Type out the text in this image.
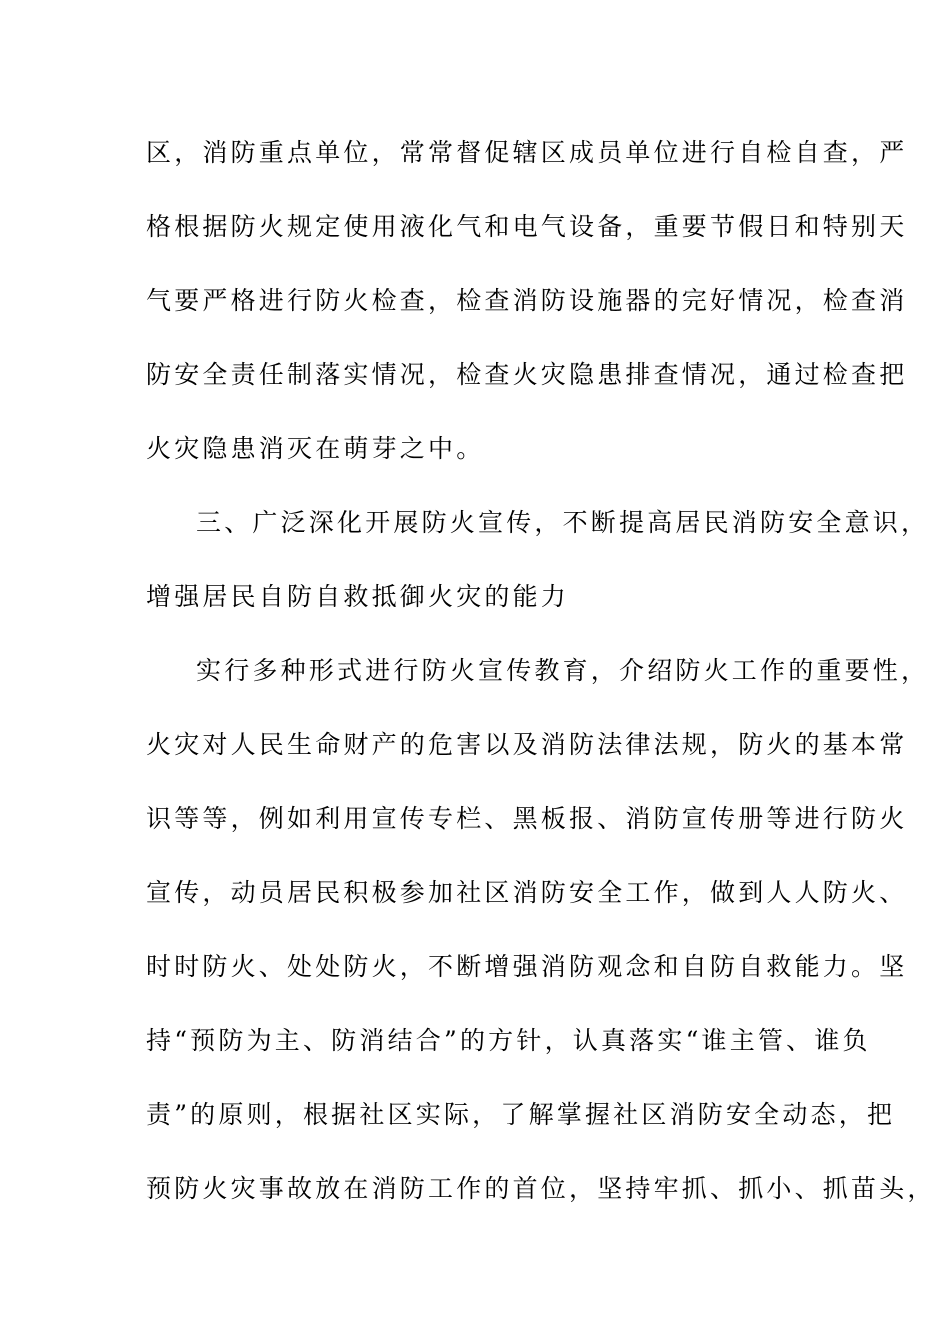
区，消防重点单位，常常督促辖区成员单位进行自检自查，严
格根据防火规定使用液化气和电气设备，重要节假日和特别天
气要严格进行防火检查，检查消防设施器的完好情况，检查消
防安全责任制落实情况，检查火灾隐患排查情况，通过检查把
火灾隐患消灭在萌芽之中。
三、广泛深化开展防火宣传，不断提高居民消防安全意识，
增强居民自防自救抵御火灾的能力
实行多种形式进行防火宣传教育，介绍防火工作的重要性，
火灾对人民生命财产的危害以及消防法律法规，防火的基本常
识等等，例如利用宣传专栏、黑板报、消防宣传册等进行防火
宣传，动员居民积极参加社区消防安全工作，做到人人防火、
时时防火、处处防火，不断增强消防观念和自防自救能力。坚
持“预防为主、防消结合”的方针，认真落实“谁主管、谁负
责”的原则，根据社区实际，了解掌握社区消防安全动态，把
预防火灾事故放在消防工作的首位，坚持牢抓、抓小、抓苗头，
